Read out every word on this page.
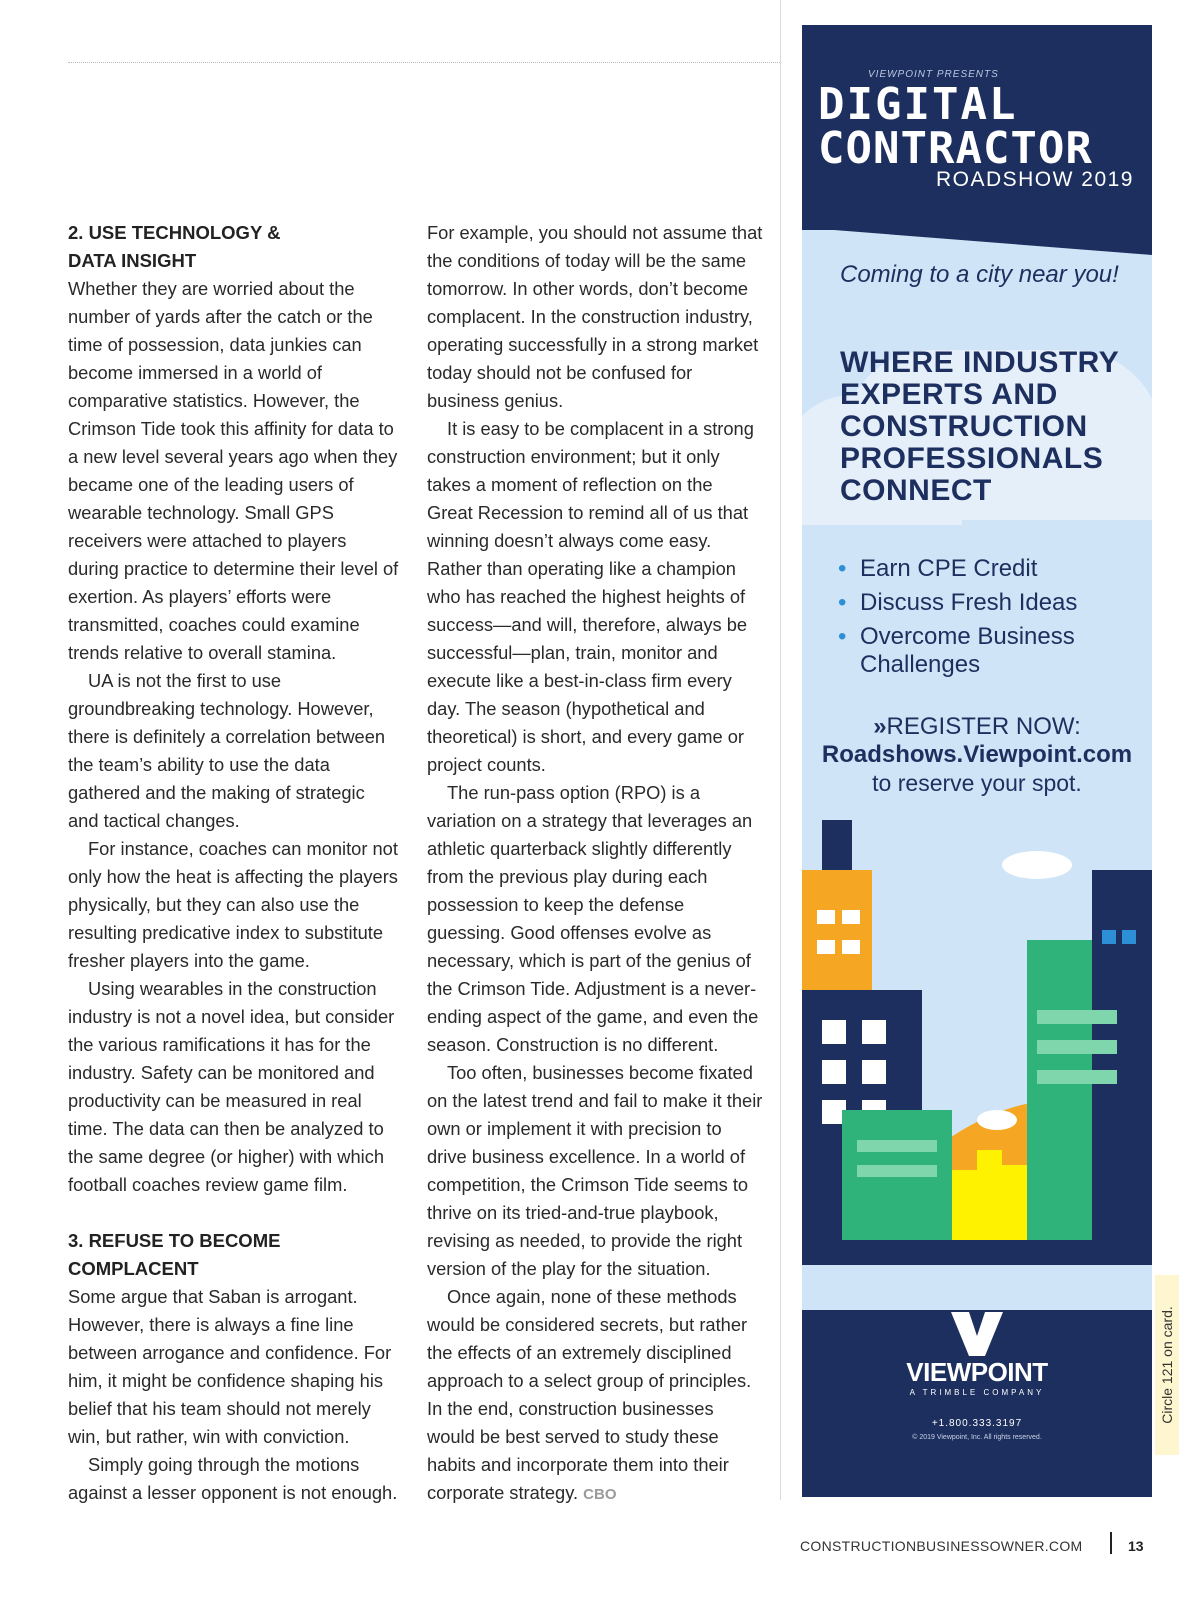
2. USE TECHNOLOGY &
DATA INSIGHT

Whether they are worried about the number of yards after the catch or the time of possession, data junkies can become immersed in a world of comparative statistics. However, the Crimson Tide took this affinity for data to a new level several years ago when they became one of the leading users of wearable technology. Small GPS receivers were attached to players during practice to determine their level of exertion. As players’ efforts were transmitted, coaches could examine trends relative to overall stamina.

UA is not the first to use groundbreaking technology. However, there is definitely a correlation between the team’s ability to use the data gathered and the making of strategic and tactical changes.

For instance, coaches can monitor not only how the heat is affecting the players physically, but they can also use the resulting predicative index to substitute fresher players into the game.

Using wearables in the construction industry is not a novel idea, but consider the various ramifications it has for the industry. Safety can be monitored and productivity can be measured in real time. The data can then be analyzed to the same degree (or higher) with which football coaches review game film.

3. REFUSE TO BECOME
COMPLACENT

Some argue that Saban is arrogant. However, there is always a fine line between arrogance and confidence. For him, it might be confidence shaping his belief that his team should not merely win, but rather, win with conviction.

Simply going through the motions against a lesser opponent is not enough.

For example, you should not assume that the conditions of today will be the same tomorrow. In other words, don’t become complacent. In the construction industry, operating successfully in a strong market today should not be confused for business genius.

It is easy to be complacent in a strong construction environment; but it only takes a moment of reflection on the Great Recession to remind all of us that winning doesn’t always come easy. Rather than operating like a champion who has reached the highest heights of success—and will, therefore, always be successful—plan, train, monitor and execute like a best-in-class firm every day. The season (hypothetical and theoretical) is short, and every game or project counts.

The run-pass option (RPO) is a variation on a strategy that leverages an athletic quarterback slightly differently from the previous play during each possession to keep the defense guessing. Good offenses evolve as necessary, which is part of the genius of the Crimson Tide. Adjustment is a never-ending aspect of the game, and even the season. Construction is no different.

Too often, businesses become fixated on the latest trend and fail to make it their own or implement it with precision to drive business excellence. In a world of competition, the Crimson Tide seems to thrive on its tried-and-true playbook, revising as needed, to provide the right version of the play for the situation.

Once again, none of these methods would be considered secrets, but rather the effects of an extremely disciplined approach to a select group of principles. In the end, construction businesses would be best served to study these habits and incorporate them into their corporate strategy. CBO

VIEWPOINT PRESENTS
DIGITAL
CONTRACTOR
ROADSHOW 2019
Coming to a city near you!
WHERE INDUSTRY EXPERTS AND CONSTRUCTION PROFESSIONALS CONNECT
• Earn CPE Credit
• Discuss Fresh Ideas
• Overcome Business Challenges
»REGISTER NOW:
Roadshows.Viewpoint.com
to reserve your spot.
VIEWPOINT
A TRIMBLE COMPANY
+1.800.333.3197
© 2019 Viewpoint, Inc. All rights reserved.
Circle 121 on card.
CONSTRUCTIONBUSINESSOWNER.COM	13
